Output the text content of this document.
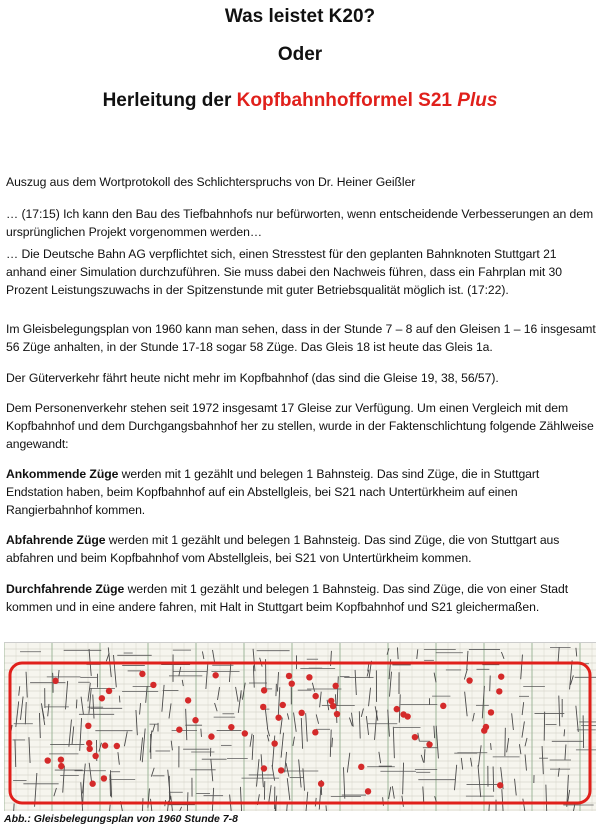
Was leistet K20?
Oder
Herleitung der Kopfbahnhofformel S21 Plus
Auszug aus dem Wortprotokoll des Schlichterspruchs von Dr. Heiner Geißler
… (17:15) Ich kann den Bau des Tiefbahnhofs nur befürworten, wenn entscheidende Verbesserungen an dem ursprünglichen Projekt vorgenommen werden…
… Die Deutsche Bahn AG verpflichtet sich, einen Stresstest für den geplanten Bahnknoten Stuttgart 21 anhand einer Simulation durchzuführen. Sie muss dabei den Nachweis führen, dass ein Fahrplan mit 30 Prozent Leistungszuwachs in der Spitzenstunde mit guter Betriebsqualität möglich ist. (17:22).
Im Gleisbelegungsplan von 1960 kann man sehen, dass in der Stunde 7 – 8 auf den Gleisen 1 – 16 insgesamt 56 Züge anhalten, in der Stunde 17-18 sogar 58 Züge. Das Gleis 18 ist heute das Gleis 1a.
Der Güterverkehr fährt heute nicht mehr im Kopfbahnhof (das sind die Gleise 19, 38, 56/57).
Dem Personenverkehr stehen seit 1972 insgesamt 17 Gleise zur Verfügung. Um einen Vergleich mit dem Kopfbahnhof und dem Durchgangsbahnhof her zu stellen, wurde in der Faktenschlichtung folgende Zählweise angewandt:
Ankommende Züge werden mit 1 gezählt und belegen 1 Bahnsteig. Das sind Züge, die in Stuttgart Endstation haben, beim Kopfbahnhof auf ein Abstellgleis, bei S21 nach Untertürkheim auf einen Rangierbahnhof kommen.
Abfahrende Züge werden mit 1 gezählt und belegen 1 Bahnsteig. Das sind Züge, die von Stuttgart aus abfahren und beim Kopfbahnhof vom Abstellgleis, bei S21 von Untertürkheim kommen.
Durchfahrende Züge werden mit 1 gezählt und belegen 1 Bahnsteig. Das sind Züge, die von einer Stadt kommen und in eine andere fahren, mit Halt in Stuttgart beim Kopfbahnhof und S21 gleichermaßen.
Abb.: Gleisbelegungsplan von 1960 Stunde 7-8
